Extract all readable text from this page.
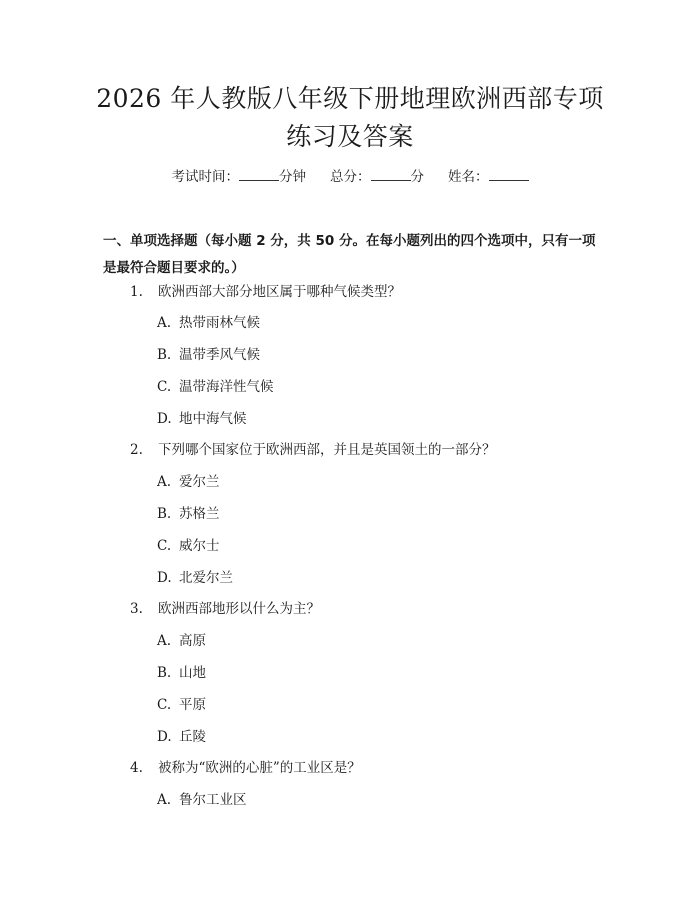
2026 年人教版八年级下册地理欧洲西部专项
练习及答案
考试时间：	分钟 总分：	分 姓名：
一、单项选择题（每小题 2 分，共 50 分。在每小题列出的四个选项中，只有一项
是最符合题目要求的。）
1. 欧洲西部大部分地区属于哪种气候类型？
A. 热带雨林气候
B. 温带季风气候
C. 温带海洋性气候
D. 地中海气候
2. 下列哪个国家位于欧洲西部，并且是英国领土的一部分？
A. 爱尔兰
B. 苏格兰
C. 威尔士
D. 北爱尔兰
3. 欧洲西部地形以什么为主？
A. 高原
B. 山地
C. 平原
D. 丘陵
4. 被称为“欧洲的心脏”的工业区是？
A. 鲁尔工业区
